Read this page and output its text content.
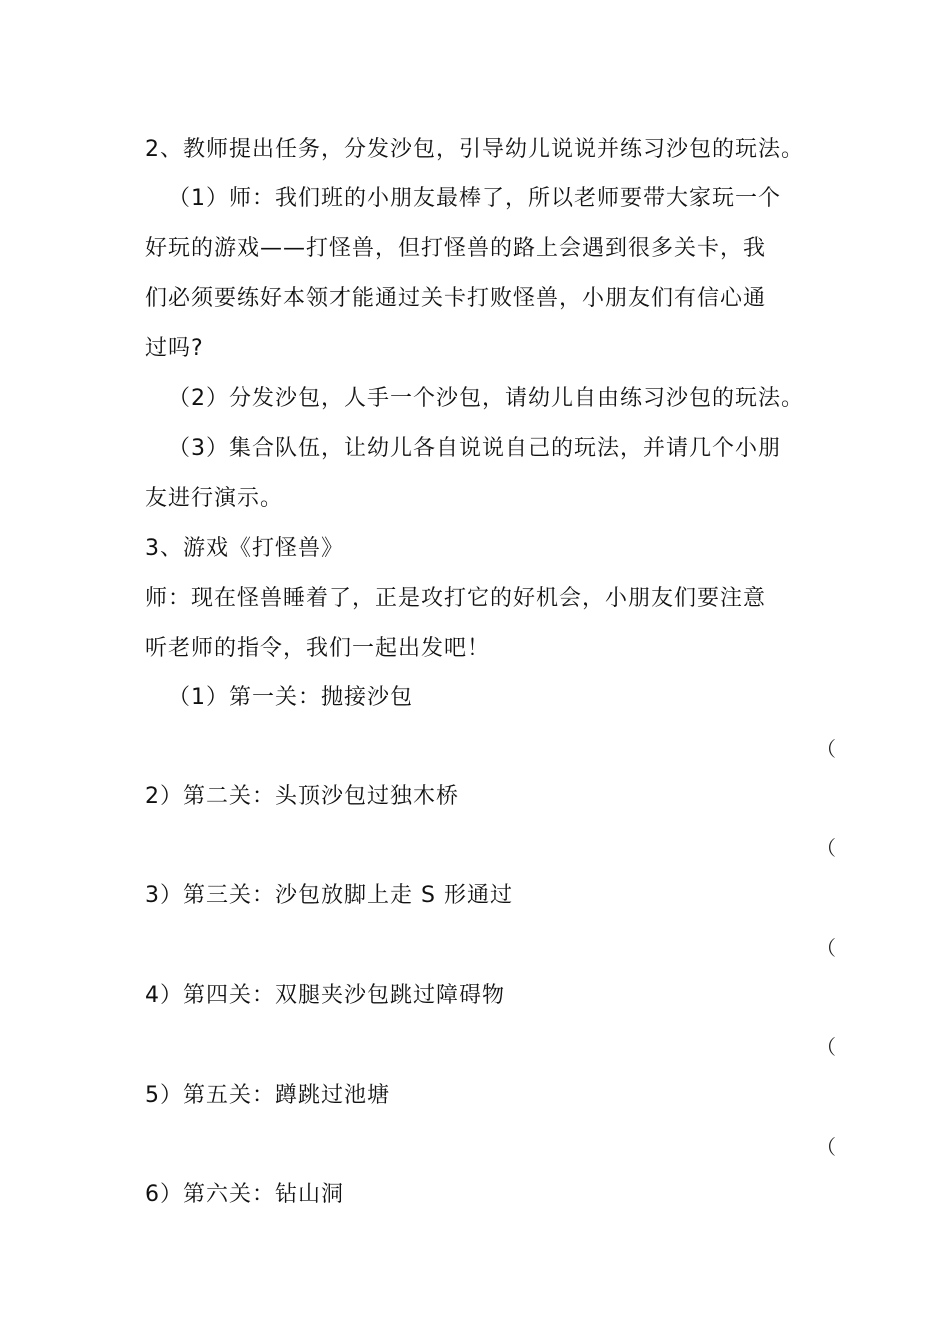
2、教师提出任务，分发沙包，引导幼儿说说并练习沙包的玩法。
（1）师：我们班的小朋友最棒了，所以老师要带大家玩一个
好玩的游戏——打怪兽，但打怪兽的路上会遇到很多关卡，我
们必须要练好本领才能通过关卡打败怪兽，小朋友们有信心通
过吗?
（2）分发沙包，人手一个沙包，请幼儿自由练习沙包的玩法。
（3）集合队伍，让幼儿各自说说自己的玩法，并请几个小朋
友进行演示。
3、游戏《打怪兽》
师：现在怪兽睡着了，正是攻打它的好机会，小朋友们要注意
听老师的指令，我们一起出发吧！
（1）第一关：抛接沙包
（
2）第二关：头顶沙包过独木桥
（
3）第三关：沙包放脚上走 S 形通过
（
4）第四关：双腿夹沙包跳过障碍物
（
5）第五关：蹲跳过池塘
（
6）第六关：钻山洞
